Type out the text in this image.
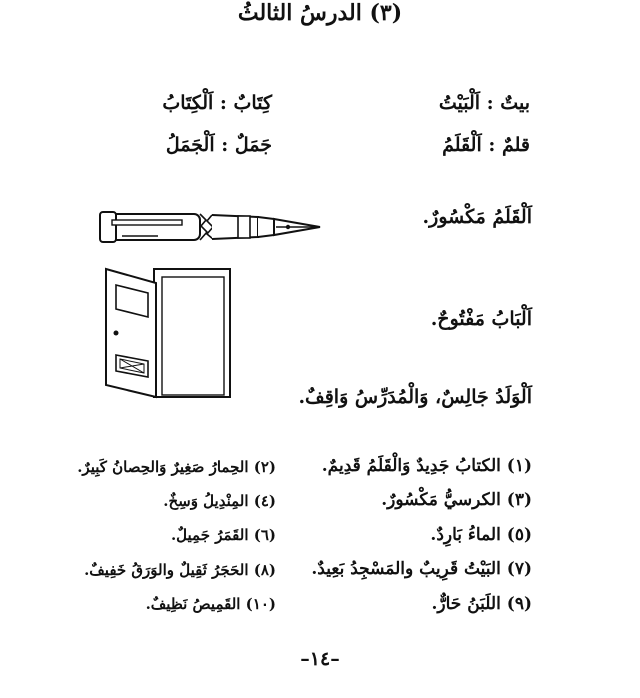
(٣) الدرسُ الثالثُ
بيتٌ : اَلْبَيْتُ
كِتَابٌ : اَلْكِتَابُ
قلمٌ : اَلْقَلَمُ
جَمَلٌ : اَلْجَمَلُ
اَلْقَلَمُ مَكْسُورٌ.
اَلْبَابُ مَفْتُوحٌ.
اَلْوَلَدُ جَالِسٌ، وَالْمُدَرِّسُ وَاقِفٌ.
(١) الكتابُ جَدِيدٌ وَالْقَلَمُ قَدِيمٌ.
(٢) الحِمارُ صَغِيرٌ وَالحِصانُ كَبِيرٌ.
(٣) الكرسيُّ مَكْسُورٌ.
(٤) المِنْدِيلُ وَسِخٌ.
(٥) الماءُ بَارِدٌ.
(٦) القَمَرُ جَمِيلٌ.
(٧) البَيْتُ قَرِيبٌ والمَسْجِدُ بَعِيدٌ.
(٨) الحَجَرُ ثَقِيلٌ والوَرَقُ خَفِيفٌ.
(٩) اللَبَنُ حَارٌّ.
(١٠) القَمِيصُ نَظِيفٌ.
–١٤–
